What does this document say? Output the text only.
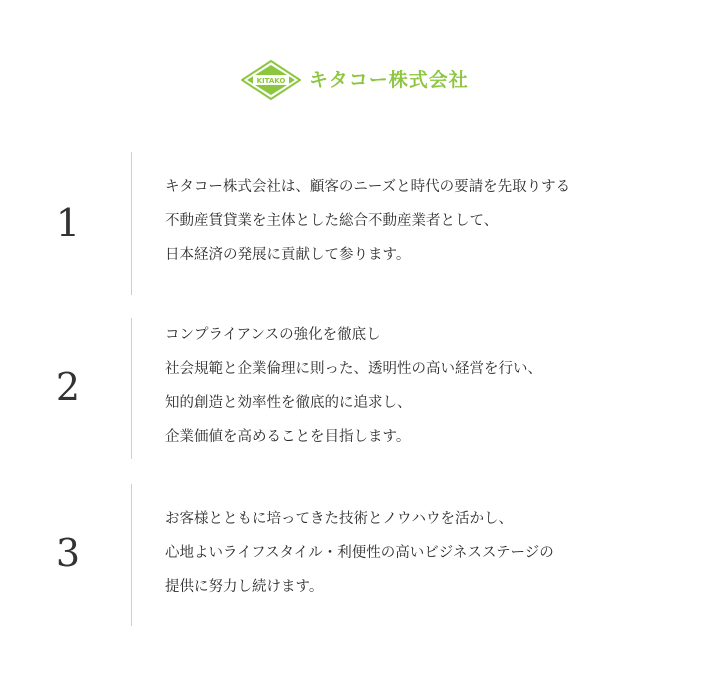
KITAKO キタコー株式会社
1
キタコー株式会社は、顧客のニーズと時代の要請を先取りする
不動産賃貸業を主体とした総合不動産業者として、
日本経済の発展に貢献して参ります。
2
コンプライアンスの強化を徹底し
社会規範と企業倫理に則った、透明性の高い経営を行い、
知的創造と効率性を徹底的に追求し、
企業価値を高めることを目指します。
3
お客様とともに培ってきた技術とノウハウを活かし、
心地よいライフスタイル・利便性の高いビジネスステージの
提供に努力し続けます。
